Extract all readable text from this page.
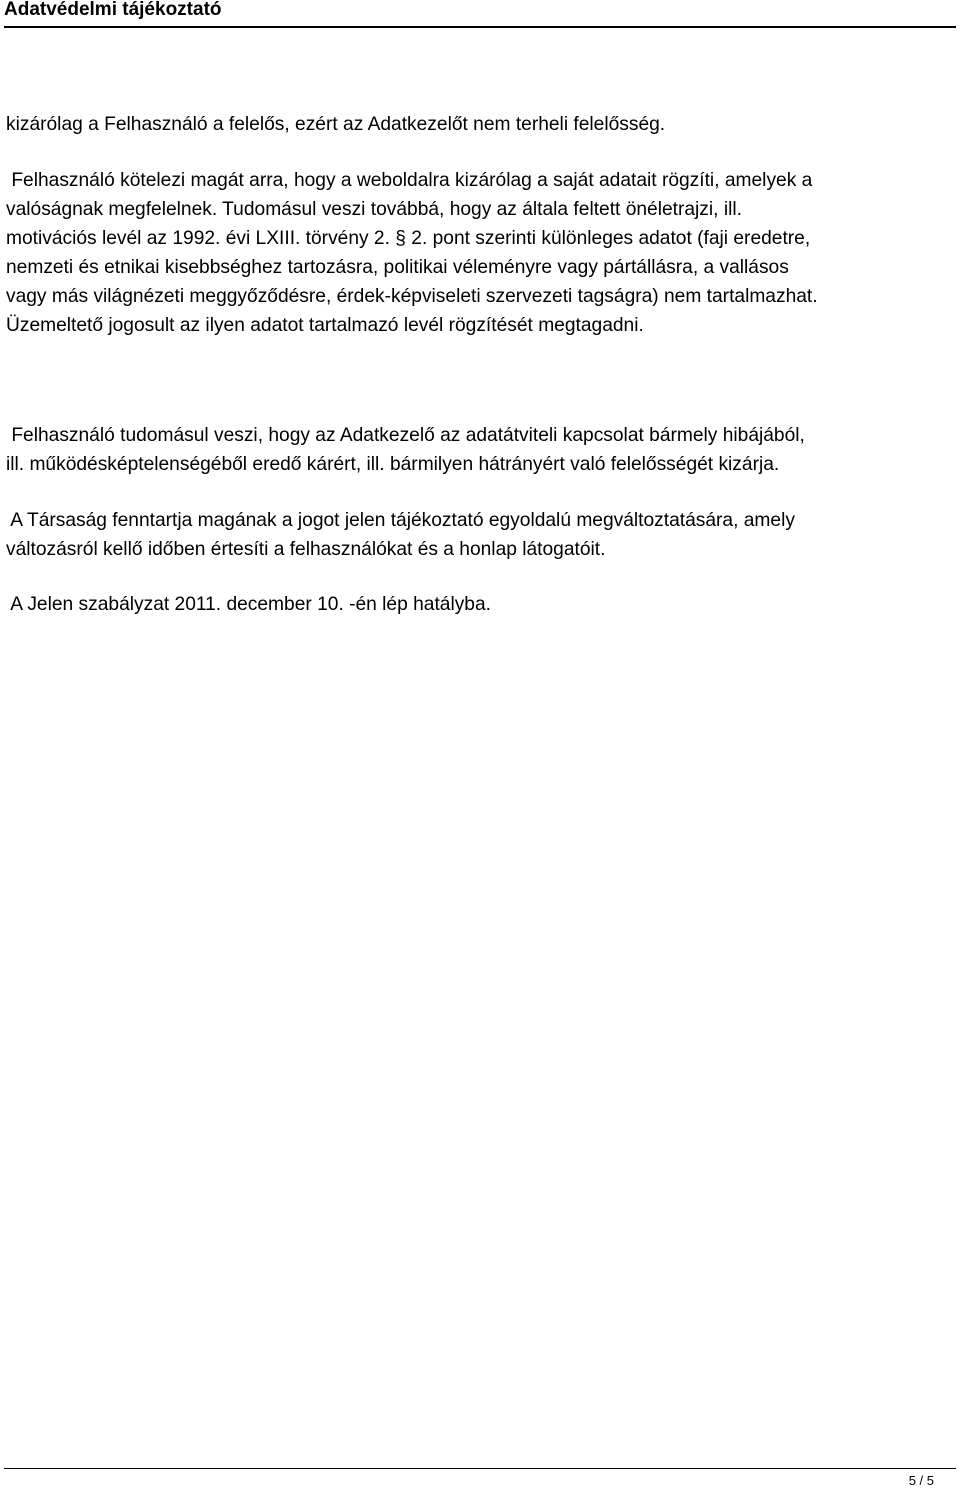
Adatvédelmi tájékoztató
kizárólag a Felhasználó a felelős, ezért az Adatkezelőt nem terheli felelősség.
Felhasználó kötelezi magát arra, hogy a weboldalra kizárólag a saját adatait rögzíti, amelyek a
valóságnak megfelelnek. Tudomásul veszi továbbá, hogy az általa feltett önéletrajzi, ill.
motivációs levél az 1992. évi LXIII. törvény 2. § 2. pont szerinti különleges adatot (faji eredetre,
nemzeti és etnikai kisebbséghez tartozásra, politikai véleményre vagy pártállásra, a vallásos
vagy más világnézeti meggyőződésre, érdek-képviseleti szervezeti tagságra) nem tartalmazhat.
Üzemeltető jogosult az ilyen adatot tartalmazó levél rögzítését megtagadni.
Felhasználó tudomásul veszi, hogy az Adatkezelő az adatátviteli kapcsolat bármely hibájából,
ill. működésképtelenségéből eredő kárért, ill. bármilyen hátrányért való felelősségét kizárja.
A Társaság fenntartja magának a jogot jelen tájékoztató egyoldalú megváltoztatására, amely
változásról kellő időben értesíti a felhasználókat és a honlap látogatóit.
A Jelen szabályzat 2011. december 10. -én lép hatályba.
5 / 5
